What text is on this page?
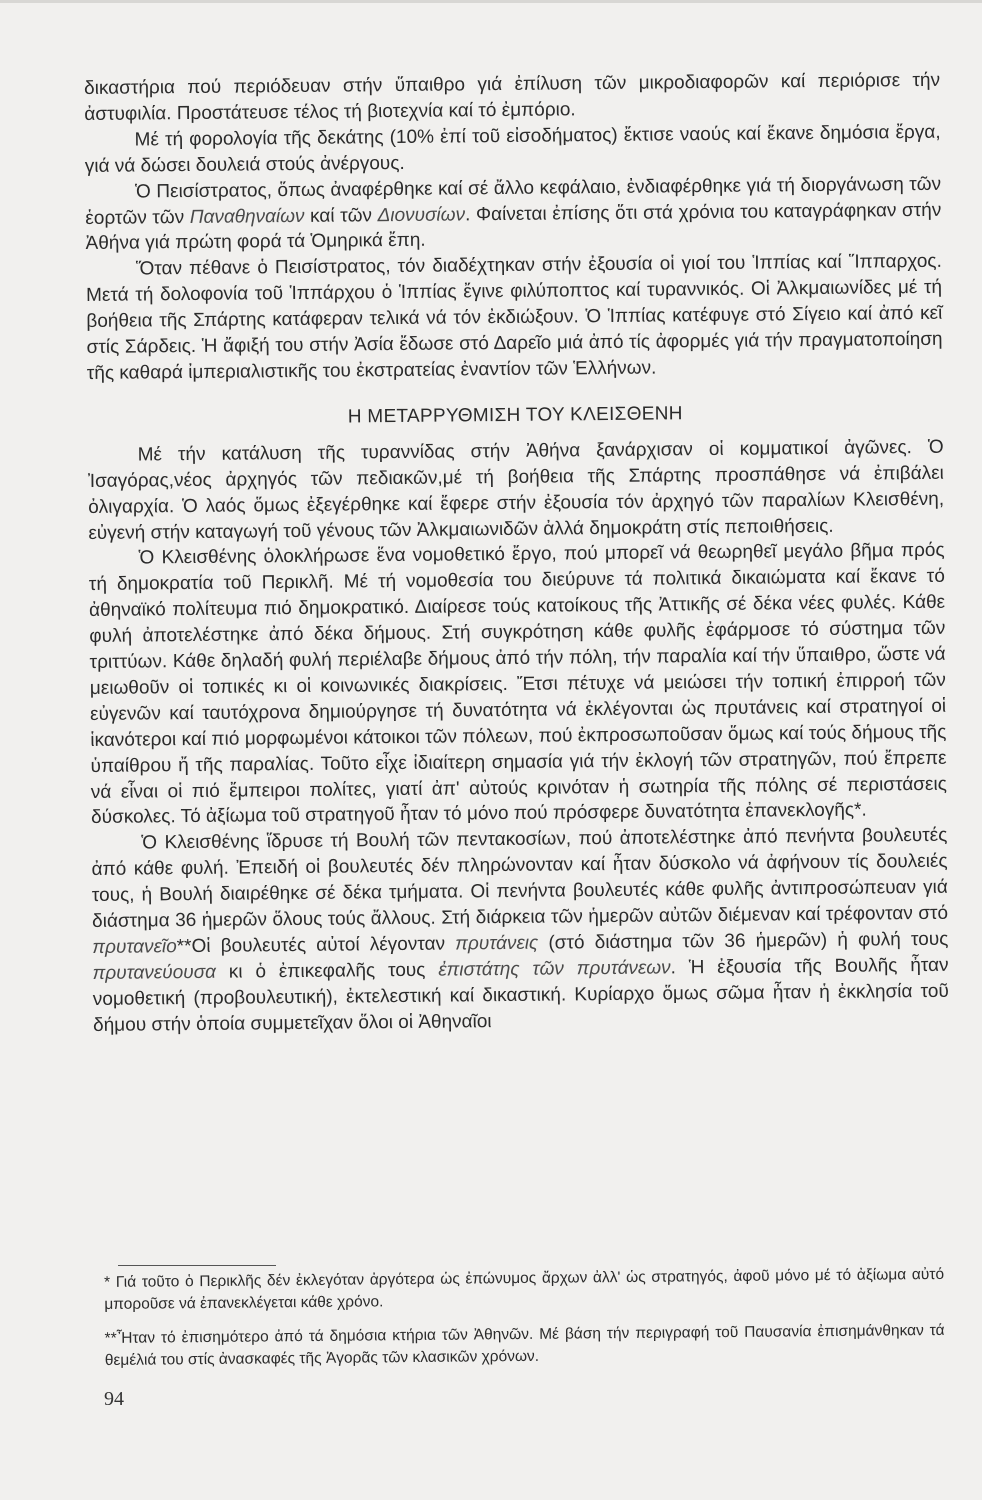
δικαστήρια πού περιόδευαν στήν ὕπαιθρο γιά ἐπίλυση τῶν μικροδιαφορῶν καί περιόρισε τήν ἀστυφιλία. Προστάτευσε τέλος τή βιοτεχνία καί τό ἐμπόριο.

Μέ τή φορολογία τῆς δεκάτης (10% ἐπί τοῦ εἰσοδήματος) ἔκτισε ναούς καί ἔκανε δημόσια ἔργα, γιά νά δώσει δουλειά στούς ἀνέργους.

Ὁ Πεισίστρατος, ὅπως ἀναφέρθηκε καί σέ ἄλλο κεφάλαιο, ἐνδιαφέρθηκε γιά τή διοργάνωση τῶν ἑορτῶν τῶν Παναθηναίων καί τῶν Διονυσίων. Φαίνεται ἐπίσης ὅτι στά χρόνια του καταγράφηκαν στήν Ἀθήνα γιά πρώτη φορά τά Ὁμηρικά ἔπη.

Ὅταν πέθανε ὁ Πεισίστρατος, τόν διαδέχτηκαν στήν ἐξουσία οἱ γιοί του Ἱππίας καί Ἵππαρχος. Μετά τή δολοφονία τοῦ Ἱππάρχου ὁ Ἱππίας ἔγινε φιλύποπτος καί τυραννικός. Οἱ Ἀλκμαιωνίδες μέ τή βοήθεια τῆς Σπάρτης κατάφεραν τελικά νά τόν ἐκδιώξουν. Ὁ Ἱππίας κατέφυγε στό Σίγειο καί ἀπό κεῖ στίς Σάρδεις. Ἡ ἄφιξή του στήν Ἀσία ἔδωσε στό Δαρεῖο μιά ἀπό τίς ἀφορμές γιά τήν πραγματοποίηση τῆς καθαρά ἰμπεριαλιστικῆς του ἐκστρατείας ἐναντίον τῶν Ἑλλήνων.

Η ΜΕΤΑΡΡΥΘΜΙΣΗ ΤΟΥ ΚΛΕΙΣΘΕΝΗ

Μέ τήν κατάλυση τῆς τυραννίδας στήν Ἀθήνα ξανάρχισαν οἱ κομματικοί ἀγῶνες. Ὁ Ἰσαγόρας,νέος ἀρχηγός τῶν πεδιακῶν,μέ τή βοήθεια τῆς Σπάρτης προσπάθησε νά ἐπιβάλει ὀλιγαρχία. Ὁ λαός ὅμως ἐξεγέρθηκε καί ἔφερε στήν ἐξουσία τόν ἀρχηγό τῶν παραλίων Κλεισθένη, εὐγενή στήν καταγωγή τοῦ γένους τῶν Ἀλκμαιωνιδῶν ἀλλά δημοκράτη στίς πεποιθήσεις.

Ὁ Κλεισθένης ὁλοκλήρωσε ἕνα νομοθετικό ἔργο, πού μπορεῖ νά θεωρηθεῖ μεγάλο βῆμα πρός τή δημοκρατία τοῦ Περικλῆ. Μέ τή νομοθεσία του διεύρυνε τά πολιτικά δικαιώματα καί ἔκανε τό ἀθηναϊκό πολίτευμα πιό δημοκρατικό. Διαίρεσε τούς κατοίκους τῆς Ἀττικῆς σέ δέκα νέες φυλές. Κάθε φυλή ἀποτελέστηκε ἀπό δέκα δήμους. Στή συγκρότηση κάθε φυλῆς ἐφάρμοσε τό σύστημα τῶν τριττύων. Κάθε δηλαδή φυλή περιέλαβε δήμους ἀπό τήν πόλη, τήν παραλία καί τήν ὕπαιθρο, ὥστε νά μειωθοῦν οἱ τοπικές κι οἱ κοινωνικές διακρίσεις. Ἔτσι πέτυχε νά μειώσει τήν τοπική ἐπιρροή τῶν εὐγενῶν καί ταυτόχρονα δημιούργησε τή δυνατότητα νά ἐκλέγονται ὡς πρυτάνεις καί στρατηγοί οἱ ἱκανότεροι καί πιό μορφωμένοι κάτοικοι τῶν πόλεων, πού ἐκπροσωποῦσαν ὅμως καί τούς δήμους τῆς ὑπαίθρου ἤ τῆς παραλίας. Τοῦτο εἶχε ἰδιαίτερη σημασία γιά τήν ἐκλογή τῶν στρατηγῶν, πού ἔπρεπε νά εἶναι οἱ πιό ἔμπειροι πολίτες, γιατί ἀπ' αὐτούς κρινόταν ἡ σωτηρία τῆς πόλης σέ περιστάσεις δύσκολες. Τό ἀξίωμα τοῦ στρατηγοῦ ἦταν τό μόνο πού πρόσφερε δυνατότητα ἐπανεκλογῆς*.

Ὁ Κλεισθένης ἵδρυσε τή Βουλή τῶν πεντακοσίων, πού ἀποτελέστηκε ἀπό πενήντα βουλευτές ἀπό κάθε φυλή. Ἐπειδή οἱ βουλευτές δέν πληρώνονταν καί ἦταν δύσκολο νά ἀφήνουν τίς δουλειές τους, ἡ Βουλή διαιρέθηκε σέ δέκα τμήματα. Οἱ πενήντα βουλευτές κάθε φυλῆς ἀντιπροσώπευαν γιά διάστημα 36 ἡμερῶν ὅλους τούς ἄλλους. Στή διάρκεια τῶν ἡμερῶν αὐτῶν διέμεναν καί τρέφονταν στό πρυτανεῖο**Οἱ βουλευτές αὐτοί λέγονταν πρυτάνεις (στό διάστημα τῶν 36 ἡμερῶν) ἡ φυλή τους πρυτανεύουσα κι ὁ ἐπικεφαλῆς τους ἐπιστάτης τῶν πρυτάνεων. Ἡ ἐξουσία τῆς Βουλῆς ἦταν νομοθετική (προβουλευτική), ἐκτελεστική καί δικαστική. Κυρίαρχο ὅμως σῶμα ἦταν ἡ ἐκκλησία τοῦ δήμου στήν ὁποία συμμετεῖχαν ὅλοι οἱ Ἀθηναῖοι

* Γιά τοῦτο ὁ Περικλῆς δέν ἐκλεγόταν ἀργότερα ὡς ἐπώνυμος ἄρχων ἀλλ' ὡς στρατηγός, ἀφοῦ μόνο μέ τό ἀξίωμα αὐτό μποροῦσε νά ἐπανεκλέγεται κάθε χρόνο.

**Ἦταν τό ἐπισημότερο ἀπό τά δημόσια κτήρια τῶν Ἀθηνῶν. Μέ βάση τήν περιγραφή τοῦ Παυσανία ἐπισημάνθηκαν τά θεμέλιά του στίς ἀνασκαφές τῆς Ἀγορᾶς τῶν κλασικῶν χρόνων.

94
